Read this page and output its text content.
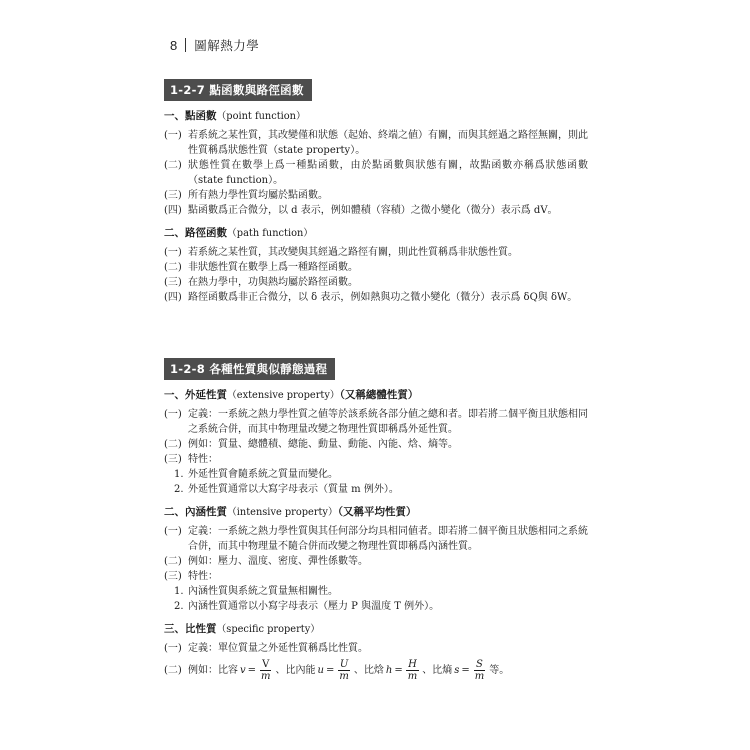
8 圖解熱力學
1-2-7 點函數與路徑函數
一、點函數（point function）
(一) 若系統之某性質，其改變僅和狀態（起始、終端之値）有關，而與其經過之路徑無關，則此性質稱爲狀態性質（state property）。
(二) 狀態性質在數學上爲一種點函數，由於點函數與狀態有關，故點函數亦稱爲狀態函數（state function）。
(三) 所有熱力學性質均屬於點函數。
(四) 點函數爲正合微分，以 d 表示，例如體積（容積）之微小變化（微分）表示爲 dV。
二、路徑函數（path function）
(一) 若系統之某性質，其改變與其經過之路徑有關，則此性質稱爲非狀態性質。
(二) 非狀態性質在數學上爲一種路徑函數。
(三) 在熱力學中，功與熱均屬於路徑函數。
(四) 路徑函數爲非正合微分，以 δ 表示，例如熱與功之微小變化（微分）表示爲 δQ與 δW。
1-2-8 各種性質與似靜態過程
一、外延性質（extensive property）（又稱總體性質）
(一) 定義：一系統之熱力學性質之値等於該系統各部分値之總和者。即若將二個平衡且狀態相同之系統合併，而其中物理量改變之物理性質即稱爲外延性質。
(二) 例如：質量、總體積、總能、動量、動能、內能、焓、熵等。
(三) 特性：
1. 外延性質會隨系統之質量而變化。
2. 外延性質通常以大寫字母表示（質量 m 例外）。
二、內涵性質（intensive property）（又稱平均性質）
(一) 定義：一系統之熱力學性質與其任何部分均具相同値者。即若將二個平衡且狀態相同之系統合併，而其中物理量不隨合併而改變之物理性質即稱爲內涵性質。
(二) 例如：壓力、溫度、密度、彈性係數等。
(三) 特性：
1. 內涵性質與系統之質量無相關性。
2. 內涵性質通常以小寫字母表示（壓力 P 與溫度 T 例外）。
三、比性質（specific property）
(一) 定義：單位質量之外延性質稱爲比性質。
(二) 例如：比容 $v = \frac{V}{m}$ 、比內能 $u = \frac{U}{m}$ 、比焓 $h = \frac{H}{m}$ 、比熵 $s = \frac{S}{m}$ 等。
